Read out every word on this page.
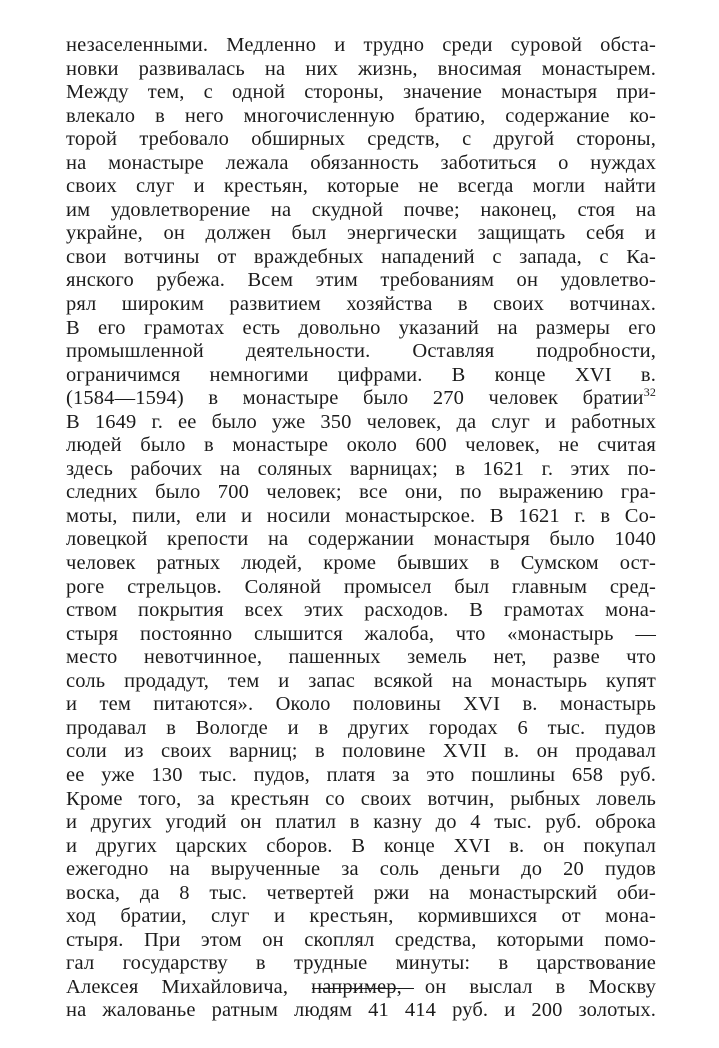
незаселенными. Медленно и трудно среди суровой обста-
новки развивалась на них жизнь, вносимая монастырем.
Между тем, с одной стороны, значение монастыря при-
влекало в него многочисленную братию, содержание ко-
торой требовало обширных средств, с другой стороны,
на монастыре лежала обязанность заботиться о нуждах
своих слуг и крестьян, которые не всегда могли найти
им удовлетворение на скудной почве; наконец, стоя на
украйне, он должен был энергически защищать себя и
свои вотчины от враждебных нападений с запада, с Ка-
янского рубежа. Всем этим требованиям он удовлетво-
рял широким развитием хозяйства в своих вотчинах.
В его грамотах есть довольно указаний на размеры его
промышленной деятельности. Оставляя подробности,
ограничимся немногими цифрами. В конце XVI в.
(1584—1594) в монастыре было 270 человек братии$^{32}$
В 1649 г. ее было уже 350 человек, да слуг и работных
людей было в монастыре около 600 человек, не считая
здесь рабочих на соляных варницах; в 1621 г. этих по-
следних было 700 человек; все они, по выражению гра-
моты, пили, ели и носили монастырское. В 1621 г. в Со-
ловецкой крепости на содержании монастыря было 1040
человек ратных людей, кроме бывших в Сумском ост-
роге стрельцов. Соляной промысел был главным сред-
ством покрытия всех этих расходов. В грамотах мона-
стыря постоянно слышится жалоба, что «монастырь —
место невотчинное, пашенных земель нет, разве что
соль продадут, тем и запас всякой на монастырь купят
и тем питаются». Около половины XVI в. монастырь
продавал в Вологде и в других городах 6 тыс. пудов
соли из своих варниц; в половине XVII в. он продавал
ее уже 130 тыс. пудов, платя за это пошлины 658 руб.
Кроме того, за крестьян со своих вотчин, рыбных ловель
и других угодий он платил в казну до 4 тыс. руб. оброка
и других царских сборов. В конце XVI в. он покупал
ежегодно на вырученные за соль деньги до 20 пудов
воска, да 8 тыс. четвертей ржи на монастырский оби-
ход братии, слуг и крестьян, кормившихся от мона-
стыря. При этом он скоплял средства, которыми помо-
гал государству в трудные минуты: в царствование
Алексея Михайловича, например, он выслал в Москву
на жалованье ратным людям 41 414 руб. и 200 золотых.
